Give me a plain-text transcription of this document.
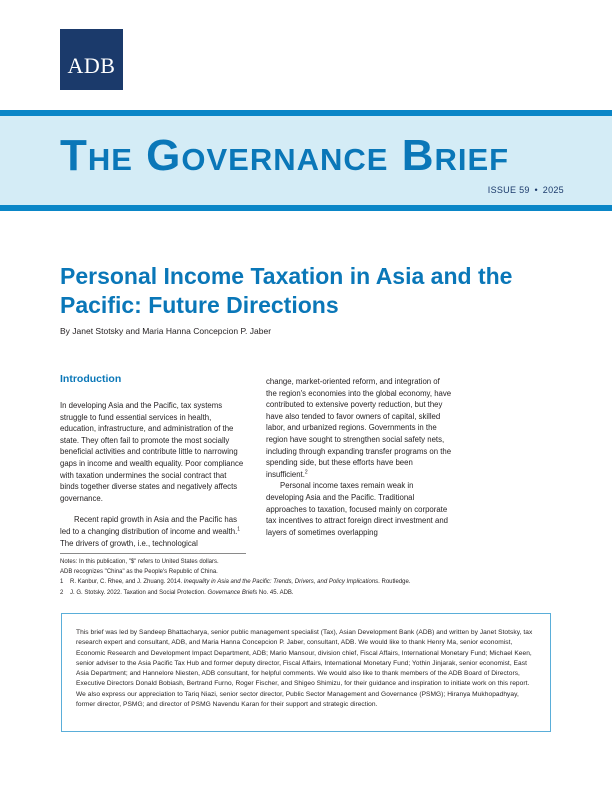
ADB
The Governance Brief

ISSUE 59 • 2025

Personal Income Taxation in Asia and the Pacific: Future Directions

By Janet Stotsky and Maria Hanna Concepcion P. Jaber

Introduction

In developing Asia and the Pacific, tax systems struggle to fund essential services in health, education, infrastructure, and administration of the state. They often fail to promote the most socially beneficial activities and contribute little to narrowing gaps in income and wealth equality. Poor compliance with taxation undermines the social contract that binds together diverse states and negatively affects governance.

Recent rapid growth in Asia and the Pacific has led to a changing distribution of income and wealth.$^1$ The drivers of growth, i.e., technological

change, market-oriented reform, and integration of the region's economies into the global economy, have contributed to extensive poverty reduction, but they have also tended to favor owners of capital, skilled labor, and urbanized regions. Governments in the region have sought to strengthen social safety nets, including through expanding transfer programs on the spending side, but these efforts have been insufficient.$^2$

Personal income taxes remain weak in developing Asia and the Pacific. Traditional approaches to taxation, focused mainly on corporate tax incentives to attract foreign direct investment and layers of sometimes overlapping

Notes: In this publication, "$" refers to United States dollars.

ADB recognizes "China" as the People's Republic of China.

1 R. Kanbur, C. Rhee, and J. Zhuang. 2014. Inequality in Asia and the Pacific: Trends, Drivers, and Policy Implications. Routledge.

2 J. G. Stotsky. 2022. Taxation and Social Protection. Governance Briefs No. 45. ADB.

This brief was led by Sandeep Bhattacharya, senior public management specialist (Tax), Asian Development Bank (ADB) and written by Janet Stotsky, tax research expert and consultant, ADB, and Maria Hanna Concepcion P. Jaber, consultant, ADB. We would like to thank Henry Ma, senior economist, Economic Research and Development Impact Department, ADB; Mario Mansour, division chief, Fiscal Affairs, International Monetary Fund; Michael Keen, senior adviser to the Asia Pacific Tax Hub and former deputy director, Fiscal Affairs, International Monetary Fund; Yothin Jinjarak, senior economist, East Asia Department; and Hannelore Niesten, ADB consultant, for helpful comments. We would also like to thank members of the ADB Board of Directors, Executive Directors Donald Bobiash, Bertrand Furno, Roger Fischer, and Shigeo Shimizu, for their guidance and inspiration to initiate work on this report. We also express our appreciation to Tariq Niazi, senior sector director, Public Sector Management and Governance (PSMG); Hiranya Mukhopadhyay, former director, PSMG; and director of PSMG Navendu Karan for their support and strategic direction.
